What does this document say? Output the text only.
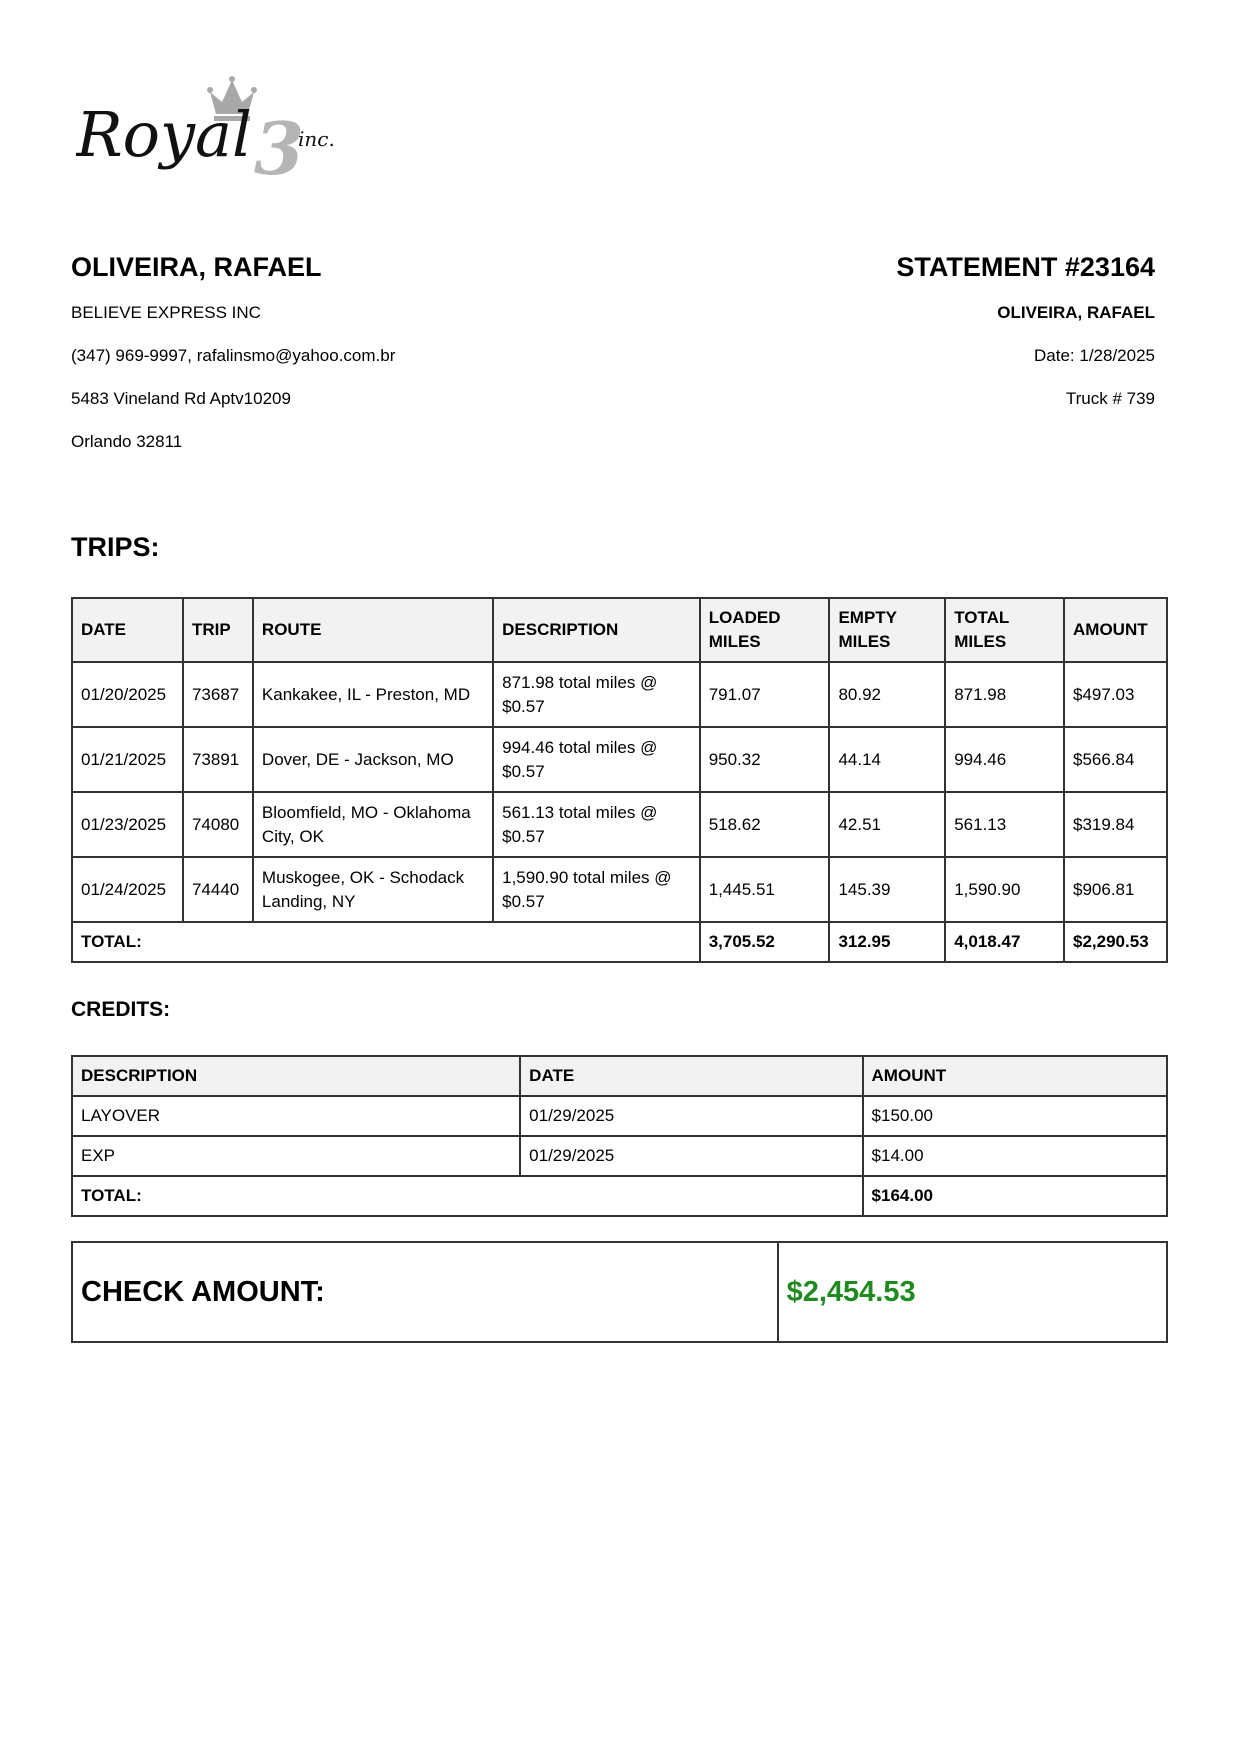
Royal 3
inc.
OLIVEIRA, RAFAEL
BELIEVE EXPRESS INC
(347) 969-9997, rafalinsmo@yahoo.com.br
5483 Vineland Rd Aptv10209
Orlando 32811
STATEMENT #23164
OLIVEIRA, RAFAEL
Date: 1/28/2025
Truck # 739
TRIPS:
DATE	TRIP	ROUTE	DESCRIPTION	LOADED MILES	EMPTY MILES	TOTAL MILES	AMOUNT
01/20/2025	73687	Kankakee, IL - Preston, MD	871.98 total miles @ $0.57	791.07	80.92	871.98	$497.03
01/21/2025	73891	Dover, DE - Jackson, MO	994.46 total miles @ $0.57	950.32	44.14	994.46	$566.84
01/23/2025	74080	Bloomfield, MO - Oklahoma City, OK	561.13 total miles @ $0.57	518.62	42.51	561.13	$319.84
01/24/2025	74440	Muskogee, OK - Schodack Landing, NY	1,590.90 total miles @ $0.57	1,445.51	145.39	1,590.90	$906.81
TOTAL:				3,705.52	312.95	4,018.47	$2,290.53
CREDITS:
DESCRIPTION	DATE	AMOUNT
LAYOVER	01/29/2025	$150.00
EXP	01/29/2025	$14.00
TOTAL:		$164.00
CHECK AMOUNT:	$2,454.53
